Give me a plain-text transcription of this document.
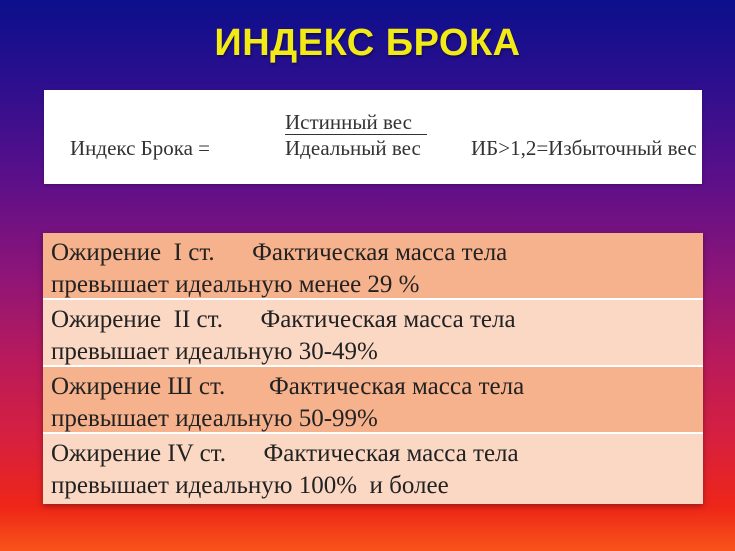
ИНДЕКС БРОКА
Индекс Брока =
Истинный вес
Идеальный вес ИБ>1,2=Избыточный вес
Ожирение  I ст.      Фактическая масса тела
превышает идеальную менее 29 %
Ожирение  II ст.      Фактическая масса тела
превышает идеальную 30-49%
Ожирение Ш ст.       Фактическая масса тела
превышает идеальную 50-99%
Ожирение IV ст.      Фактическая масса тела
превышает идеальную 100%  и более
